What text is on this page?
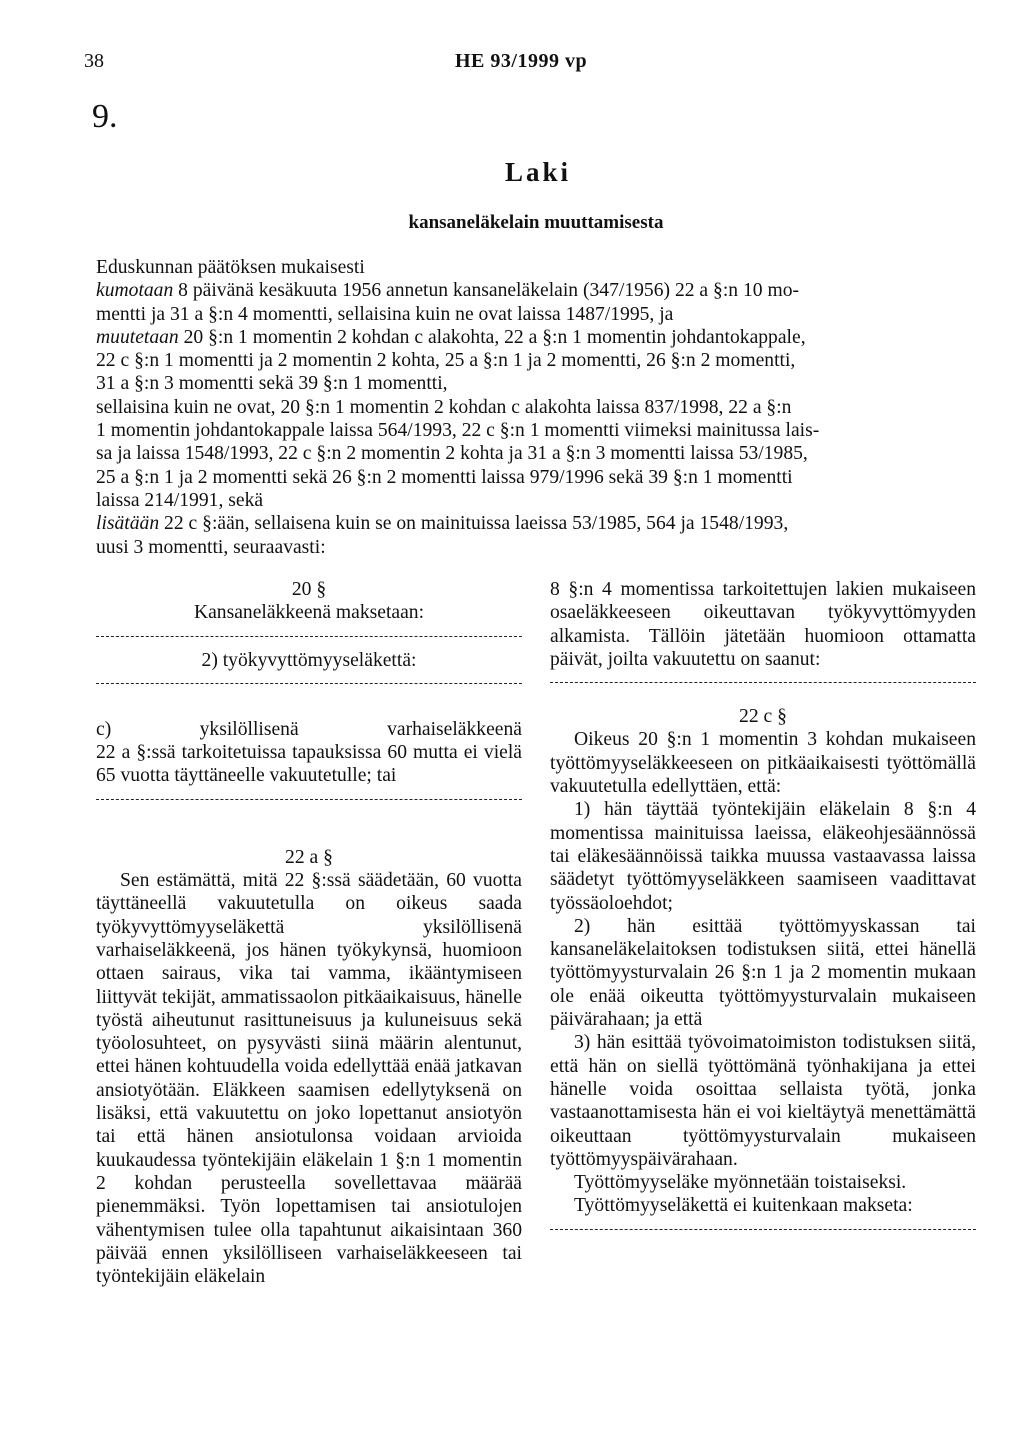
38	HE 93/1999 vp
9.
Laki
kansaneläkelain muuttamisesta

Eduskunnan päätöksen mukaisesti

kumotaan 8 päivänä kesäkuuta 1956 annetun kansaneläkelain (347/1956) 22 a §:n 10 mo-

mentti ja 31 a §:n 4 momentti, sellaisina kuin ne ovat laissa 1487/1995, ja

muutetaan 20 §:n 1 momentin 2 kohdan c alakohta, 22 a §:n 1 momentin johdantokappale,

22 c §:n 1 momentti ja 2 momentin 2 kohta, 25 a §:n 1 ja 2 momentti, 26 §:n 2 momentti,

31 a §:n 3 momentti sekä 39 §:n 1 momentti,

sellaisina kuin ne ovat, 20 §:n 1 momentin 2 kohdan c alakohta laissa 837/1998, 22 a §:n

1 momentin johdantokappale laissa 564/1993, 22 c §:n 1 momentti viimeksi mainitussa lais-

sa ja laissa 1548/1993, 22 c §:n 2 momentin 2 kohta ja 31 a §:n 3 momentti laissa 53/1985,

25 a §:n 1 ja 2 momentti sekä 26 §:n 2 momentti laissa 979/1996 sekä 39 §:n 1 momentti

laissa 214/1991, sekä

lisätään 22 c §:ään, sellaisena kuin se on mainituissa laeissa 53/1985, 564 ja 1548/1993,

uusi 3 momentti, seuraavasti:

20 §

Kansaneläkkeenä maksetaan:

2) työkyvyttömyyseläkettä:

c)	yksilöllisenä	varhaiseläkkeenä

22 a §:ssä tarkoitetuissa tapauksissa 60 mutta ei vielä 65 vuotta täyttäneelle vakuutetulle; tai

22 a §

Sen estämättä, mitä 22 §:ssä säädetään, 60 vuotta täyttäneellä vakuutetulla on oikeus saada työkyvyttömyyseläkettä yksilöllisenä varhaiseläkkeenä, jos hänen työkykynsä, huomioon ottaen sairaus, vika tai vamma, ikääntymiseen liittyvät tekijät, ammatissaolon pitkäaikaisuus, hänelle työstä aiheutunut rasittuneisuus ja kuluneisuus sekä työolosuhteet, on pysyvästi siinä määrin alentunut, ettei hänen kohtuudella voida edellyttää enää jatkavan ansiotyötään. Eläkkeen saamisen edellytyksenä on lisäksi, että vakuutettu on joko lopettanut ansiotyön tai että hänen ansiotulonsa voidaan arvioida kuukaudessa työntekijäin eläkelain 1 §:n 1 momentin 2 kohdan perusteella sovellettavaa määrää pienemmäksi. Työn lopettamisen tai ansiotulojen vähentymisen tulee olla tapahtunut aikaisintaan 360 päivää ennen yksilölliseen varhaiseläkkeeseen tai työntekijäin eläkelain

8 §:n 4 momentissa tarkoitettujen lakien mukaiseen osaeläkkeeseen oikeuttavan työkyvyttömyyden alkamista. Tällöin jätetään huomioon ottamatta päivät, joilta vakuutettu on saanut:

22 c §

Oikeus 20 §:n 1 momentin 3 kohdan mukaiseen työttömyyseläkkeeseen on pitkäaikaisesti työttömällä vakuutetulla edellyttäen, että:

1) hän täyttää työntekijäin eläkelain 8 §:n 4 momentissa mainituissa laeissa, eläkeohjesäännössä tai eläkesäännöissä taikka muussa vastaavassa laissa säädetyt työttömyyseläkkeen saamiseen vaadittavat työssäoloehdot;

2) hän esittää työttömyyskassan tai kansaneläkelaitoksen todistuksen siitä, ettei hänellä työttömyysturvalain 26 §:n 1 ja 2 momentin mukaan ole enää oikeutta työttömyysturvalain mukaiseen päivärahaan; ja että

3) hän esittää työvoimatoimiston todistuksen siitä, että hän on siellä työttömänä työnhakijana ja ettei hänelle voida osoittaa sellaista työtä, jonka vastaanottamisesta hän ei voi kieltäytyä menettämättä oikeuttaan työttömyysturvalain mukaiseen työttömyyspäivärahaan.

Työttömyyseläke myönnetään toistaiseksi.

Työttömyyseläkettä ei kuitenkaan makseta:
